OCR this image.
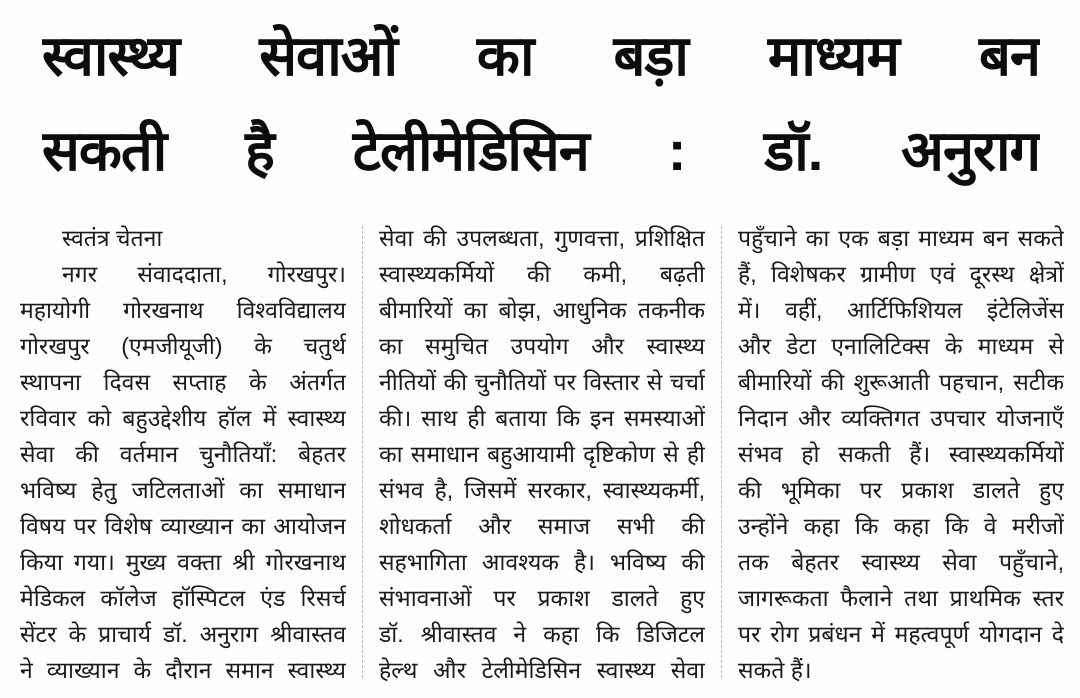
स्वास्थ्य सेवाओं का बड़ा माध्यम बन
सकती है टेलीमेडिसिन : डॉ. अनुराग
स्वतंत्र चेतना
नगर संवाददाता, गोरखपुर।
महायोगी गोरखनाथ विश्वविद्यालय
गोरखपुर (एमजीयूजी) के चतुर्थ
स्थापना दिवस सप्ताह के अंतर्गत
रविवार को बहुउद्देशीय हॉल में स्वास्थ्य
सेवा की वर्तमान चुनौतियाँ: बेहतर
भविष्य हेतु जटिलताओं का समाधान
विषय पर विशेष व्याख्यान का आयोजन
किया गया। मुख्य वक्ता श्री गोरखनाथ
मेडिकल कॉलेज हॉस्पिटल एंड रिसर्च
सेंटर के प्राचार्य डॉ. अनुराग श्रीवास्तव
ने व्याख्यान के दौरान समान स्वास्थ्य
सेवा की उपलब्धता, गुणवत्ता, प्रशिक्षित
स्वास्थ्यकर्मियों की कमी, बढ़ती
बीमारियों का बोझ, आधुनिक तकनीक
का समुचित उपयोग और स्वास्थ्य
नीतियों की चुनौतियों पर विस्तार से चर्चा
की। साथ ही बताया कि इन समस्याओं
का समाधान बहुआयामी दृष्टिकोण से ही
संभव है, जिसमें सरकार, स्वास्थ्यकर्मी,
शोधकर्ता और समाज सभी की
सहभागिता आवश्यक है। भविष्य की
संभावनाओं पर प्रकाश डालते हुए
डॉ. श्रीवास्तव ने कहा कि डिजिटल
हेल्थ और टेलीमेडिसिन स्वास्थ्य सेवा
पहुँचाने का एक बड़ा माध्यम बन सकते
हैं, विशेषकर ग्रामीण एवं दूरस्थ क्षेत्रों
में। वहीं, आर्टिफिशियल इंटेलिजेंस
और डेटा एनालिटिक्स के माध्यम से
बीमारियों की शुरूआती पहचान, सटीक
निदान और व्यक्तिगत उपचार योजनाएँ
संभव हो सकती हैं। स्वास्थ्यकर्मियों
की भूमिका पर प्रकाश डालते हुए
उन्होंने कहा कि कहा कि वे मरीजों
तक बेहतर स्वास्थ्य सेवा पहुँचाने,
जागरूकता फैलाने तथा प्राथमिक स्तर
पर रोग प्रबंधन में महत्वपूर्ण योगदान दे
सकते हैं।
